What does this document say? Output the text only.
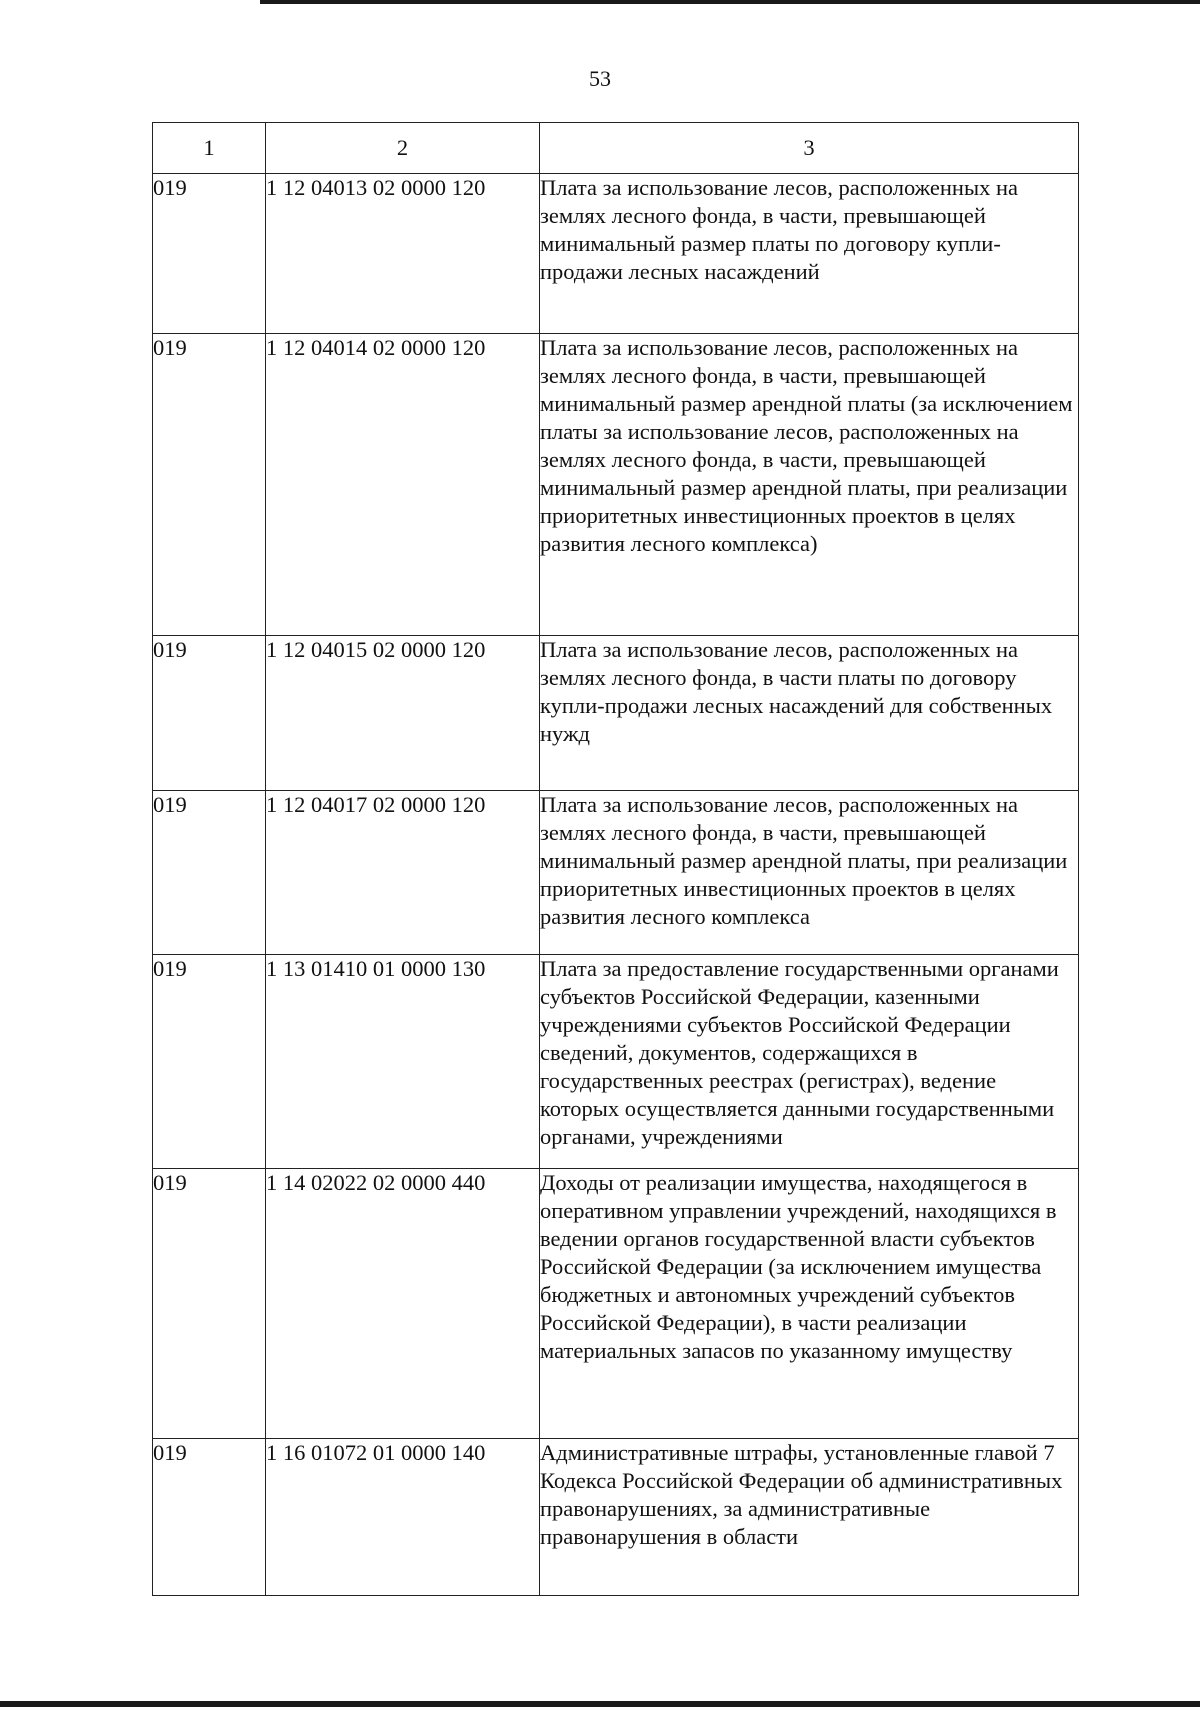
53
1	2	3
019	1 12 04013 02 0000 120	Плата за использование лесов, расположенных на землях лесного фонда, в части, превышающей минимальный размер платы по договору купли-продажи лесных насаждений
019	1 12 04014 02 0000 120	Плата за использование лесов, расположенных на землях лесного фонда, в части, превышающей минимальный размер арендной платы (за исключением платы за использование лесов, расположенных на землях лесного фонда, в части, превышающей минимальный размер арендной платы, при реализации приоритетных инвестиционных проектов в целях развития лесного комплекса)
019	1 12 04015 02 0000 120	Плата за использование лесов, расположенных на землях лесного фонда, в части платы по договору купли-продажи лесных насаждений для собственных нужд
019	1 12 04017 02 0000 120	Плата за использование лесов, расположенных на землях лесного фонда, в части, превышающей минимальный размер арендной платы, при реализации приоритетных инвестиционных проектов в целях развития лесного комплекса
019	1 13 01410 01 0000 130	Плата за предоставление государственными органами субъектов Российской Федерации, казенными учреждениями субъектов Российской Федерации сведений, документов, содержащихся в государственных реестрах (регистрах), ведение которых осуществляется данными государственными органами, учреждениями
019	1 14 02022 02 0000 440	Доходы от реализации имущества, находящегося в оперативном управлении учреждений, находящихся в ведении органов государственной власти субъектов Российской Федерации (за исключением имущества бюджетных и автономных учреждений субъектов Российской Федерации), в части реализации материальных запасов по указанному имуществу
019	1 16 01072 01 0000 140	Административные штрафы, установленные главой 7 Кодекса Российской Федерации об административных правонарушениях, за административные правонарушения в области
